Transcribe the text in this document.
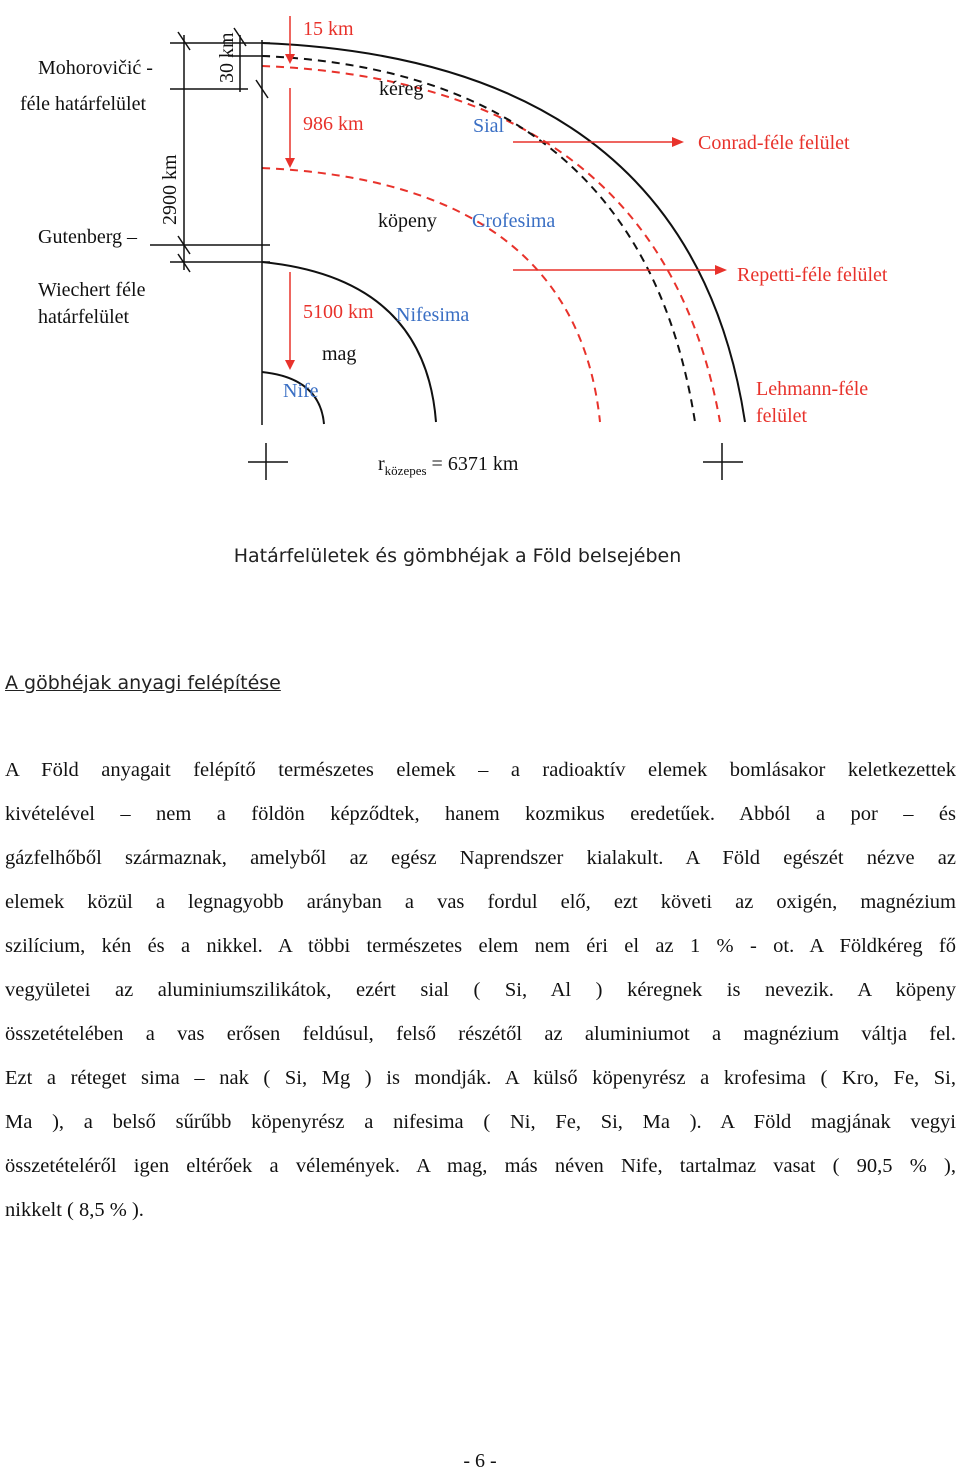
Mohorovičić -
féle határfelület
Gutenberg –
Wiechert féle
határfelület
2900 km
30 km
15 km
986 km
5100 km
kéreg
Sial
köpeny Crofesima
Nifesima
mag
Nife
Conrad-féle felület
Repetti-féle felület
Lehmann-féle
felület
$r_{közepes} = 6371$ km
Határfelületek és gömbhéjak a Föld belsejében
A göbhéjak anyagi felépítése
A Föld anyagait felépítő természetes elemek – a radioaktív elemek bomlásakor keletkezettek
kivételével – nem a földön képződtek, hanem kozmikus eredetűek. Abból a por – és
gázfelhőből származnak, amelyből az egész Naprendszer kialakult. A Föld egészét nézve az
elemek közül a legnagyobb arányban a vas fordul elő, ezt követi az oxigén, magnézium
szilícium, kén és a nikkel. A többi természetes elem nem éri el az 1 % - ot. A Földkéreg fő
vegyületei az aluminiumszilikátok, ezért sial ( Si, Al ) kéregnek is nevezik. A köpeny
összetételében a vas erősen feldúsul, felső részétől az aluminiumot a magnézium váltja fel.
Ezt a réteget sima – nak ( Si, Mg ) is mondják. A külső köpenyrész a krofesima ( Kro, Fe, Si,
Ma ), a belső sűrűbb köpenyrész a nifesima ( Ni, Fe, Si, Ma ). A Föld magjának vegyi
összetételéről igen eltérőek a vélemények. A mag, más néven Nife, tartalmaz vasat ( 90,5 % ),
nikkelt ( 8,5 % ).
- 6 -
